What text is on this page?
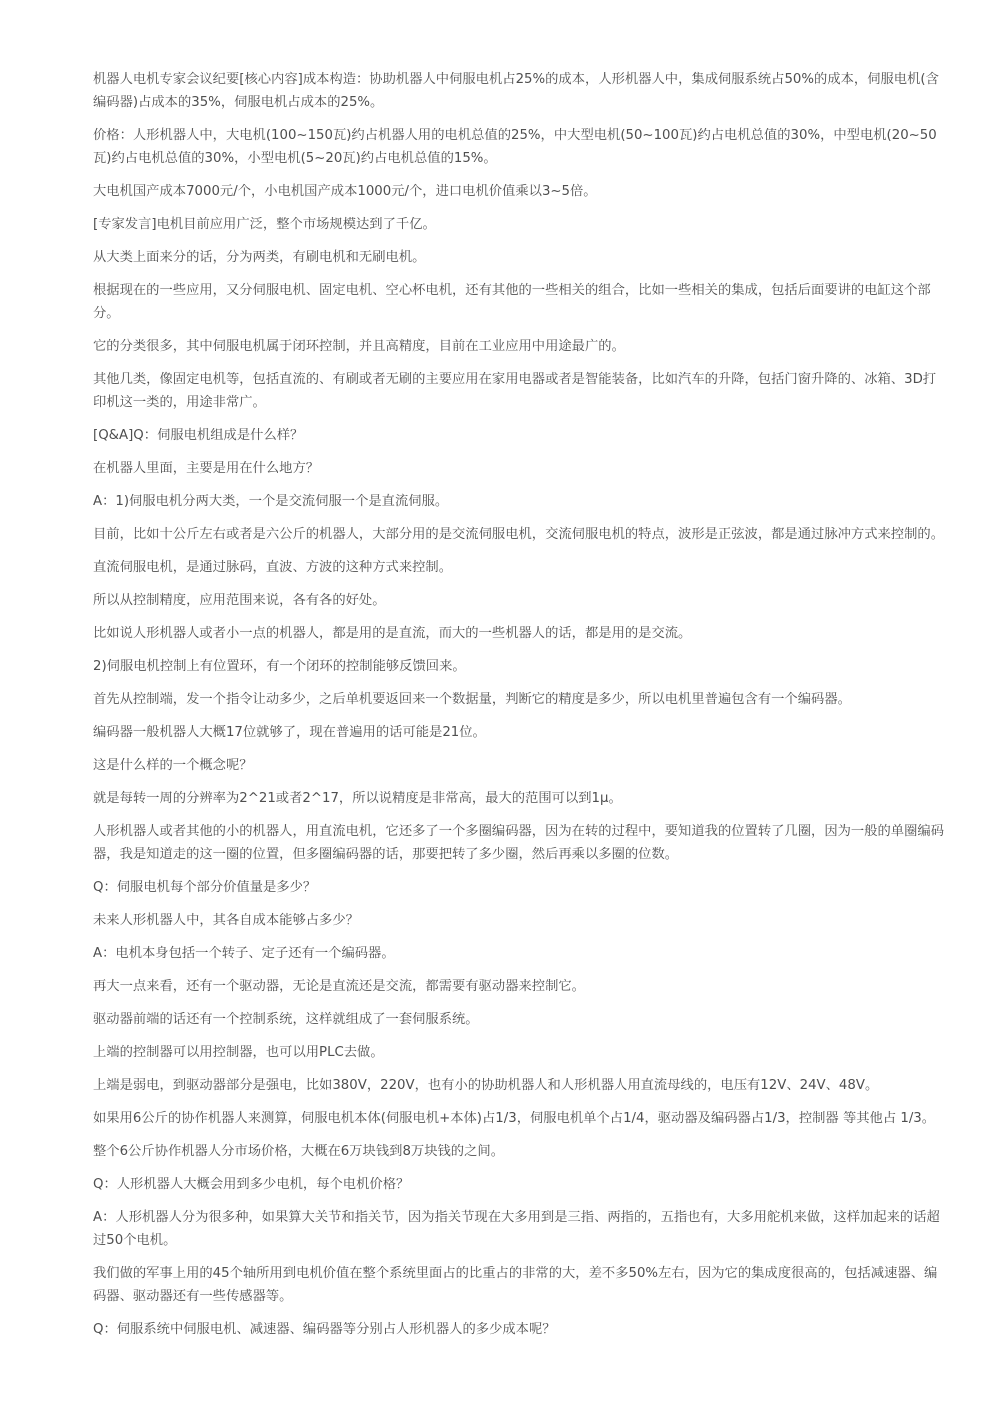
机器人电机专家会议纪要[核心内容]成本构造：协助机器人中伺服电机占25%的成本，人形机器人中，集成伺服系统占50%的成本，伺服电机(含编码器)占成本的35%，伺服电机占成本的25%。

价格：人形机器人中，大电机(100~150瓦)约占机器人用的电机总值的25%，中大型电机(50~100瓦)约占电机总值的30%，中型电机(20~50瓦)约占电机总值的30%，小型电机(5~20瓦)约占电机总值的15%。

大电机国产成本7000元/个，小电机国产成本1000元/个，进口电机价值乘以3~5倍。

[专家发言]电机目前应用广泛，整个市场规模达到了千亿。

从大类上面来分的话，分为两类，有刷电机和无刷电机。

根据现在的一些应用，又分伺服电机、固定电机、空心杯电机，还有其他的一些相关的组合，比如一些相关的集成，包括后面要讲的电缸这个部分。

它的分类很多，其中伺服电机属于闭环控制，并且高精度，目前在工业应用中用途最广的。

其他几类，像固定电机等，包括直流的、有刷或者无刷的主要应用在家用电器或者是智能装备，比如汽车的升降，包括门窗升降的、冰箱、3D打印机这一类的，用途非常广。

[Q&A]Q：伺服电机组成是什么样？

在机器人里面，主要是用在什么地方？

A：1)伺服电机分两大类，一个是交流伺服一个是直流伺服。

目前，比如十公斤左右或者是六公斤的机器人，大部分用的是交流伺服电机，交流伺服电机的特点，波形是正弦波，都是通过脉冲方式来控制的。

直流伺服电机，是通过脉码，直波、方波的这种方式来控制。

所以从控制精度，应用范围来说，各有各的好处。

比如说人形机器人或者小一点的机器人，都是用的是直流，而大的一些机器人的话，都是用的是交流。

2)伺服电机控制上有位置环，有一个闭环的控制能够反馈回来。

首先从控制端，发一个指令让动多少，之后单机要返回来一个数据量，判断它的精度是多少，所以电机里普遍包含有一个编码器。

编码器一般机器人大概17位就够了，现在普遍用的话可能是21位。

这是什么样的一个概念呢？

就是每转一周的分辨率为2^21或者2^17，所以说精度是非常高，最大的范围可以到1μ。

人形机器人或者其他的小的机器人，用直流电机，它还多了一个多圈编码器，因为在转的过程中，要知道我的位置转了几圈，因为一般的单圈编码器，我是知道走的这一圈的位置，但多圈编码器的话，那要把转了多少圈，然后再乘以多圈的位数。

Q：伺服电机每个部分价值量是多少？

未来人形机器人中，其各自成本能够占多少？

A：电机本身包括一个转子、定子还有一个编码器。

再大一点来看，还有一个驱动器，无论是直流还是交流，都需要有驱动器来控制它。

驱动器前端的话还有一个控制系统，这样就组成了一套伺服系统。

上端的控制器可以用控制器，也可以用PLC去做。

上端是弱电，到驱动器部分是强电，比如380V，220V，也有小的协助机器人和人形机器人用直流母线的，电压有12V、24V、48V。

如果用6公斤的协作机器人来测算，伺服电机本体(伺服电机+本体)占1/3，伺服电机单个占1/4，驱动器及编码器占1/3，控制器 等其他占 1/3。

整个6公斤协作机器人分市场价格，大概在6万块钱到8万块钱的之间。

Q：人形机器人大概会用到多少电机，每个电机价格？

A：人形机器人分为很多种，如果算大关节和指关节，因为指关节现在大多用到是三指、两指的，五指也有，大多用舵机来做，这样加起来的话超过50个电机。

我们做的军事上用的45个轴所用到电机价值在整个系统里面占的比重占的非常的大，差不多50%左右，因为它的集成度很高的，包括减速器、编码器、驱动器还有一些传感器等。

Q：伺服系统中伺服电机、减速器、编码器等分别占人形机器人的多少成本呢？
